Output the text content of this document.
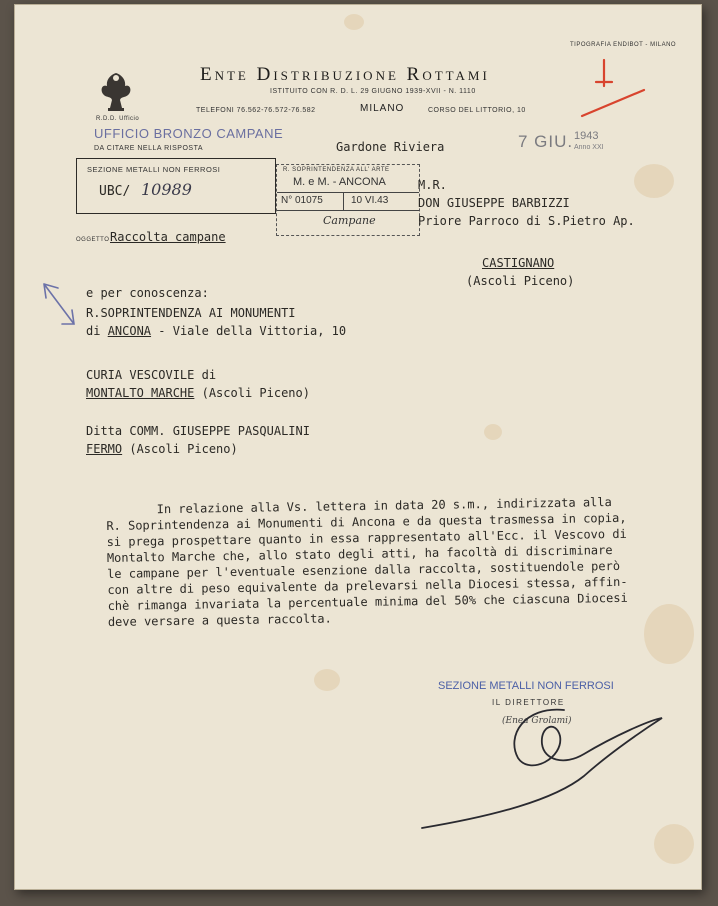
TIPOGRAFIA ENDIBOT - MILANO
R.D.D. Ufficio
Ente Distribuzione Rottami
ISTITUITO CON R. D. L. 29 GIUGNO 1939-XVII - N. 1110
TELEFONI 76.562-76.572-76.582	MILANO	CORSO DEL LITTORIO, 10
UFFICIO BRONZO CAMPANE
DA CITARE NELLA RISPOSTA
SEZIONE METALLI NON FERROSI
UBC/ 10989
R. SOPRINTENDENZA ALL' ARTE
M. e M. - ANCONA
N° 01075	10 VI.43
Campane
Gardone Riviera	7 GIU. 1943
Anno XXI
M.R.
DON GIUSEPPE BARBIZZI
Priore Parroco di S.Pietro Ap.
CASTIGNANO
(Ascoli Piceno)
OGGETTO Raccolta campane
e per conoscenza:
R.SOPRINTENDENZA AI MONUMENTI
di ANCONA - Viale della Vittoria, 10
CURIA VESCOVILE di
MONTALTO MARCHE (Ascoli Piceno)
Ditta COMM. GIUSEPPE PASQUALINI
FERMO (Ascoli Piceno)
In relazione alla Vs. lettera in data 20 s.m., indirizzata alla
R. Soprintendenza ai Monumenti di Ancona e da questa trasmessa in copia,
si prega prospettare quanto in essa rappresentato all'Ecc. il Vescovo di
Montalto Marche che, allo stato degli atti, ha facoltà di discriminare
le campane per l'eventuale esenzione dalla raccolta, sostituendole però
con altre di peso equivalente da prelevarsi nella Diocesi stessa, affin-
chè rimanga invariata la percentuale minima del 50% che ciascuna Diocesi
deve versare a questa raccolta.
SEZIONE METALLI NON FERROSI
IL DIRETTORE
(Enea Grolami)
